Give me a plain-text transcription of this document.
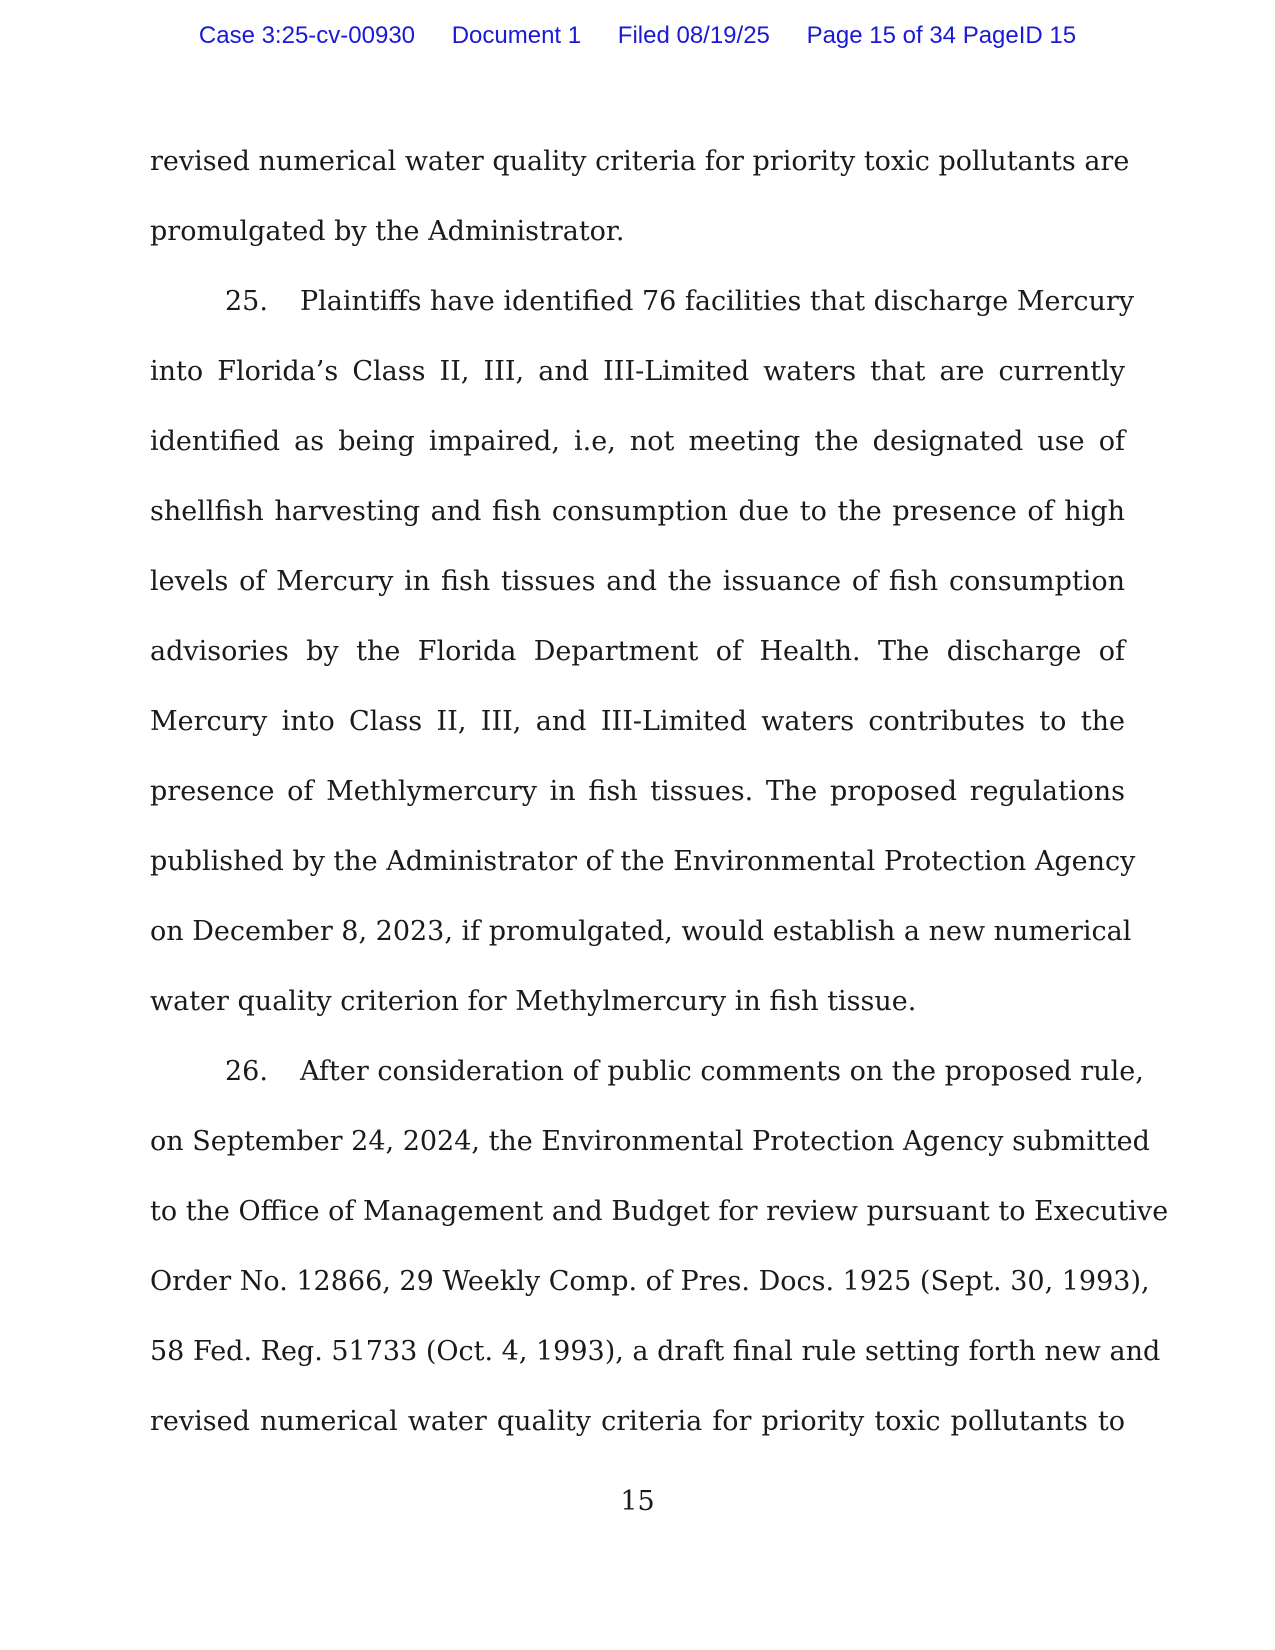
Case 3:25-cv-00930 Document 1 Filed 08/19/25 Page 15 of 34 PageID 15
revised numerical water quality criteria for priority toxic pollutants are
promulgated by the Administrator.
25. Plaintiffs have identified 76 facilities that discharge Mercury
into Florida’s Class II, III, and III-Limited waters that are currently
identified as being impaired, i.e, not meeting the designated use of
shellfish harvesting and fish consumption due to the presence of high
levels of Mercury in fish tissues and the issuance of fish consumption
advisories by the Florida Department of Health. The discharge of
Mercury into Class II, III, and III-Limited waters contributes to the
presence of Methlymercury in fish tissues. The proposed regulations
published by the Administrator of the Environmental Protection Agency
on December 8, 2023, if promulgated, would establish a new numerical
water quality criterion for Methylmercury in fish tissue.
26. After consideration of public comments on the proposed rule,
on September 24, 2024, the Environmental Protection Agency submitted
to the Office of Management and Budget for review pursuant to Executive
Order No. 12866, 29 Weekly Comp. of Pres. Docs. 1925 (Sept. 30, 1993),
58 Fed. Reg. 51733 (Oct. 4, 1993), a draft final rule setting forth new and
revised numerical water quality criteria for priority toxic pollutants to
15
